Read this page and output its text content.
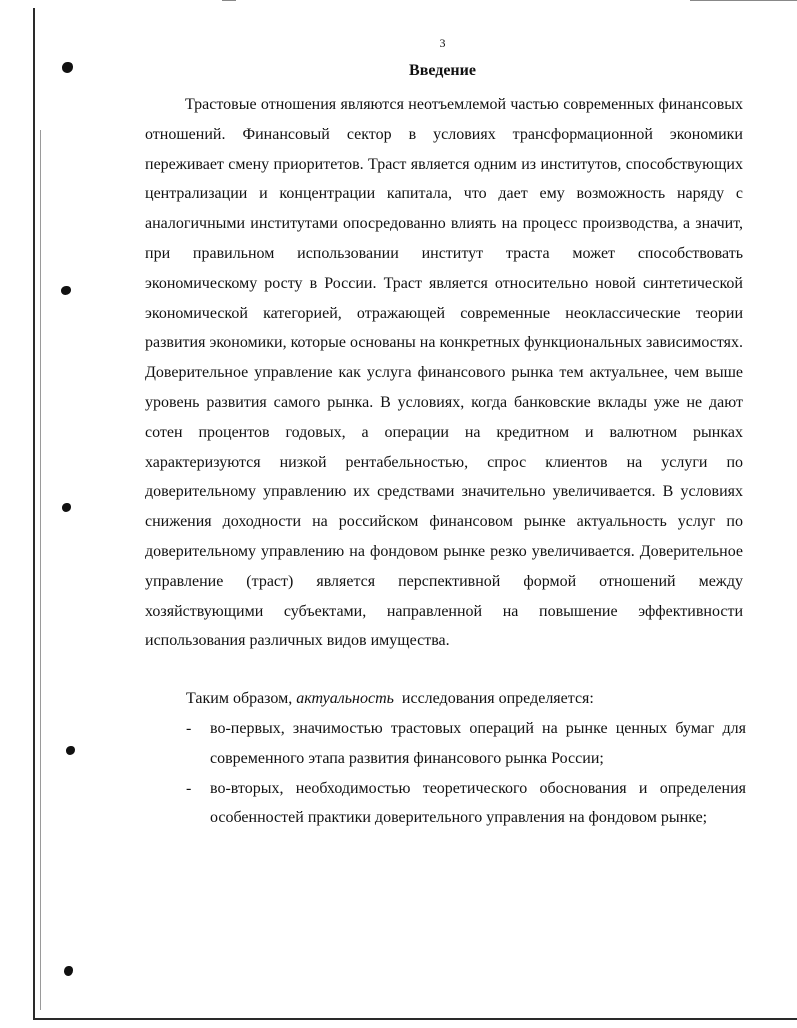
3
Введение

Трастовые отношения являются неотъемлемой частью современных финансовых отношений. Финансовый сектор в условиях трансформационной экономики переживает смену приоритетов. Траст является одним из институтов, способствующих централизации и концентрации капитала, что дает ему возможность наряду с аналогичными институтами опосредованно влиять на процесс производства, а значит, при правильном использовании институт траста может способствовать экономическому росту в России. Траст является относительно новой синтетической экономической категорией, отражающей современные неоклассические теории развития экономики, которые основаны на конкретных функциональных зависимостях. Доверительное управление как услуга финансового рынка тем актуальнее, чем выше уровень развития самого рынка. В условиях, когда банковские вклады уже не дают сотен процентов годовых, а операции на кредитном и валютном рынках характеризуются низкой рентабельностью, спрос клиентов на услуги по доверительному управлению их средствами значительно увеличивается. В условиях снижения доходности на российском финансовом рынке актуальность услуг по доверительному управлению на фондовом рынке резко увеличивается. Доверительное управление (траст) является перспективной формой отношений между хозяйствующими субъектами, направленной на повышение эффективности использования различных видов имущества.

Таким образом, актуальность исследования определяется:

- во-первых, значимостью трастовых операций на рынке ценных бумаг для современного этапа развития финансового рынка России;
- во-вторых, необходимостью теоретического обоснования и определения особенностей практики доверительного управления на фондовом рынке;
